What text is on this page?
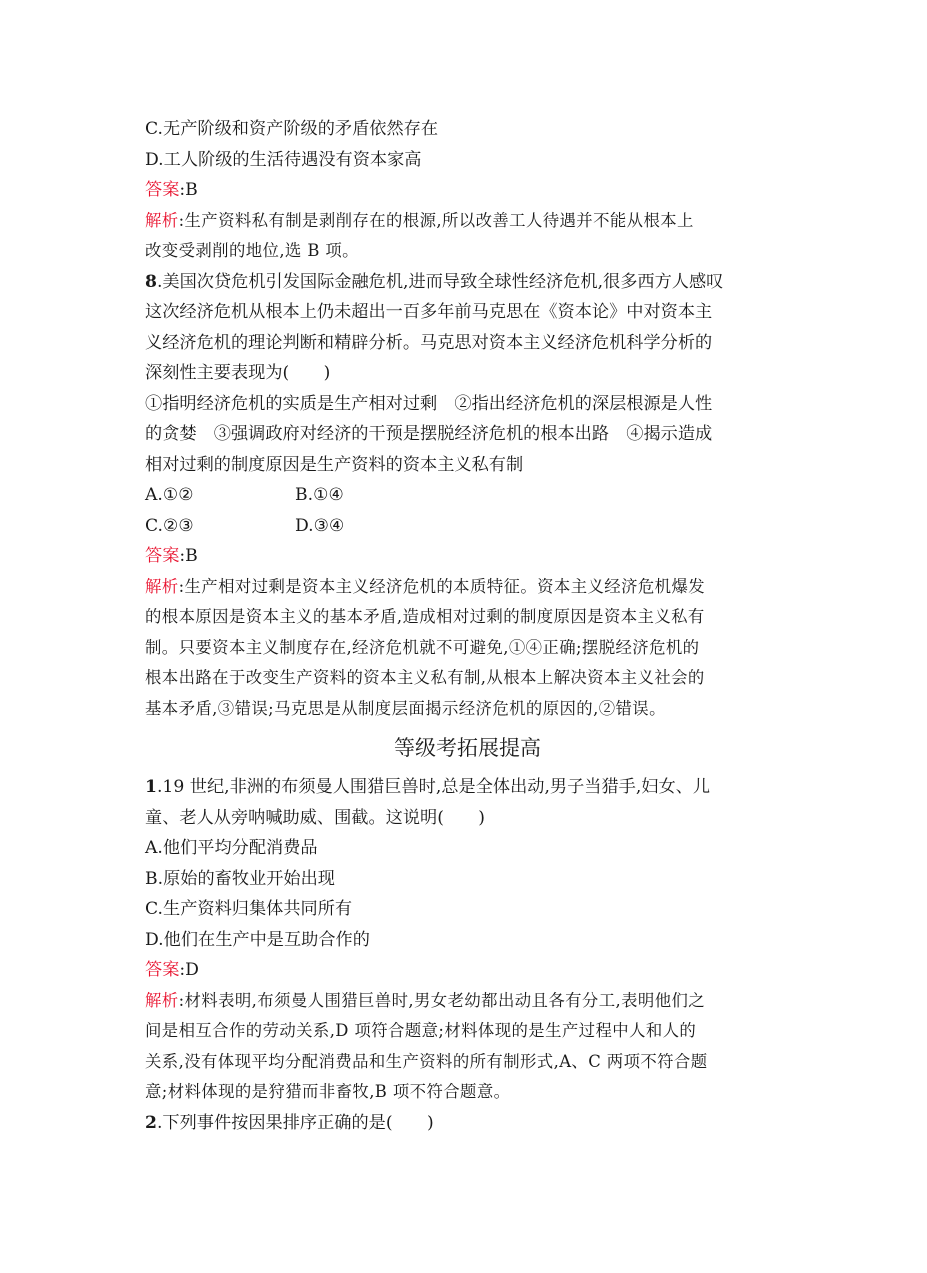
C.无产阶级和资产阶级的矛盾依然存在
D.工人阶级的生活待遇没有资本家高
答案:B
解析:生产资料私有制是剥削存在的根源,所以改善工人待遇并不能从根本上
改变受剥削的地位,选 B 项。
8.美国次贷危机引发国际金融危机,进而导致全球性经济危机,很多西方人感叹
这次经济危机从根本上仍未超出一百多年前马克思在《资本论》中对资本主
义经济危机的理论判断和精辟分析。马克思对资本主义经济危机科学分析的
深刻性主要表现为(　　)
①指明经济危机的实质是生产相对过剩　②指出经济危机的深层根源是人性
的贪婪　③强调政府对经济的干预是摆脱经济危机的根本出路　④揭示造成
相对过剩的制度原因是生产资料的资本主义私有制
A.①②	B.①④
C.②③	D.③④
答案:B
解析:生产相对过剩是资本主义经济危机的本质特征。资本主义经济危机爆发
的根本原因是资本主义的基本矛盾,造成相对过剩的制度原因是资本主义私有
制。只要资本主义制度存在,经济危机就不可避免,①④正确;摆脱经济危机的
根本出路在于改变生产资料的资本主义私有制,从根本上解决资本主义社会的
基本矛盾,③错误;马克思是从制度层面揭示经济危机的原因的,②错误。
等级考拓展提高
1.19 世纪,非洲的布须曼人围猎巨兽时,总是全体出动,男子当猎手,妇女、儿
童、老人从旁呐喊助威、围截。这说明(　　)
A.他们平均分配消费品
B.原始的畜牧业开始出现
C.生产资料归集体共同所有
D.他们在生产中是互助合作的
答案:D
解析:材料表明,布须曼人围猎巨兽时,男女老幼都出动且各有分工,表明他们之
间是相互合作的劳动关系,D 项符合题意;材料体现的是生产过程中人和人的
关系,没有体现平均分配消费品和生产资料的所有制形式,A、C 两项不符合题
意;材料体现的是狩猎而非畜牧,B 项不符合题意。
2.下列事件按因果排序正确的是(　　)
